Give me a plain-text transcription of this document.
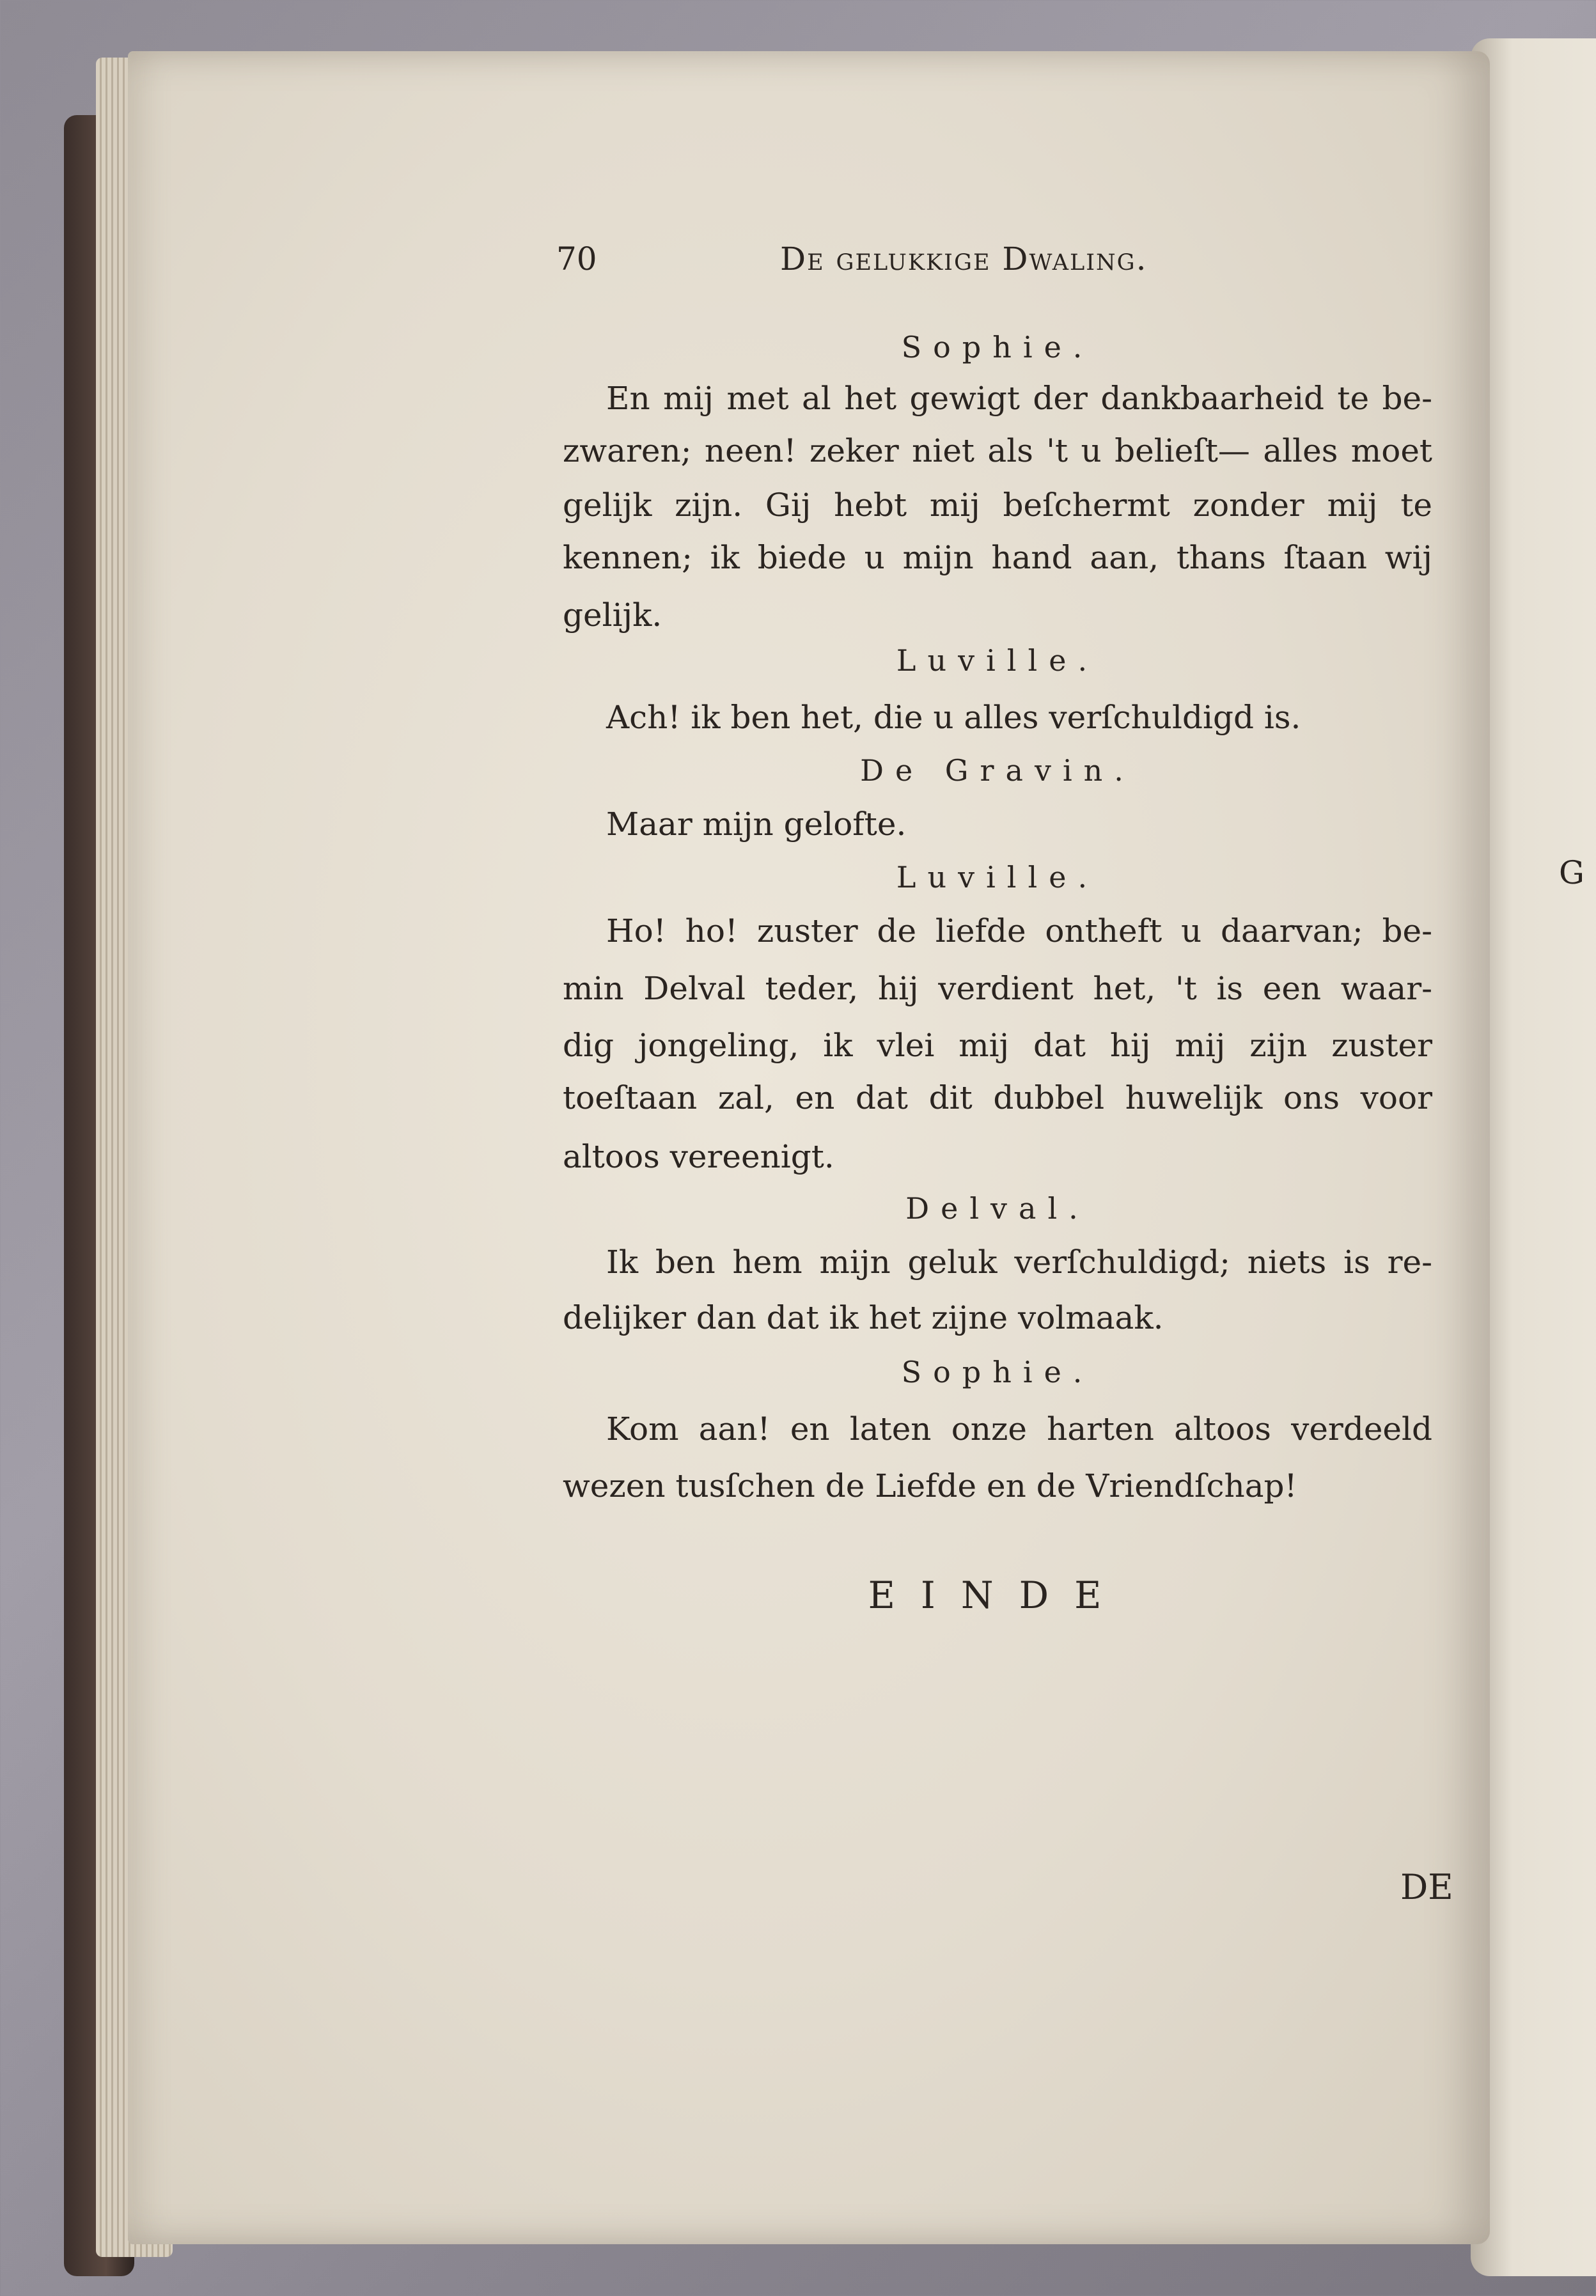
G
70	De gelukkige Dwaling.
Sophie.
En mij met al het gewigt der dankbaarheid te be-
zwaren; neen! zeker niet als 't u belieſt— alles moet
gelijk zijn. Gij hebt mij beſchermt zonder mij te
kennen; ik biede u mijn hand aan, thans ſtaan wij
gelijk.
Luville.
Ach! ik ben het, die u alles verſchuldigd is.
De Gravin.
Maar mijn gelofte.
Luville.
Ho! ho! zuster de liefde ontheft u daarvan; be-
min Delval teder, hij verdient het, 't is een waar-
dig jongeling, ik vlei mij dat hij mij zijn zuster
toeſtaan zal, en dat dit dubbel huwelijk ons voor
altoos vereenigt.
Delval.
Ik ben hem mijn geluk verſchuldigd; niets is re-
delijker dan dat ik het zijne volmaak.
Sophie.
Kom aan! en laten onze harten altoos verdeeld
wezen tusſchen de Liefde en de Vriendſchap!
EINDE
DE
